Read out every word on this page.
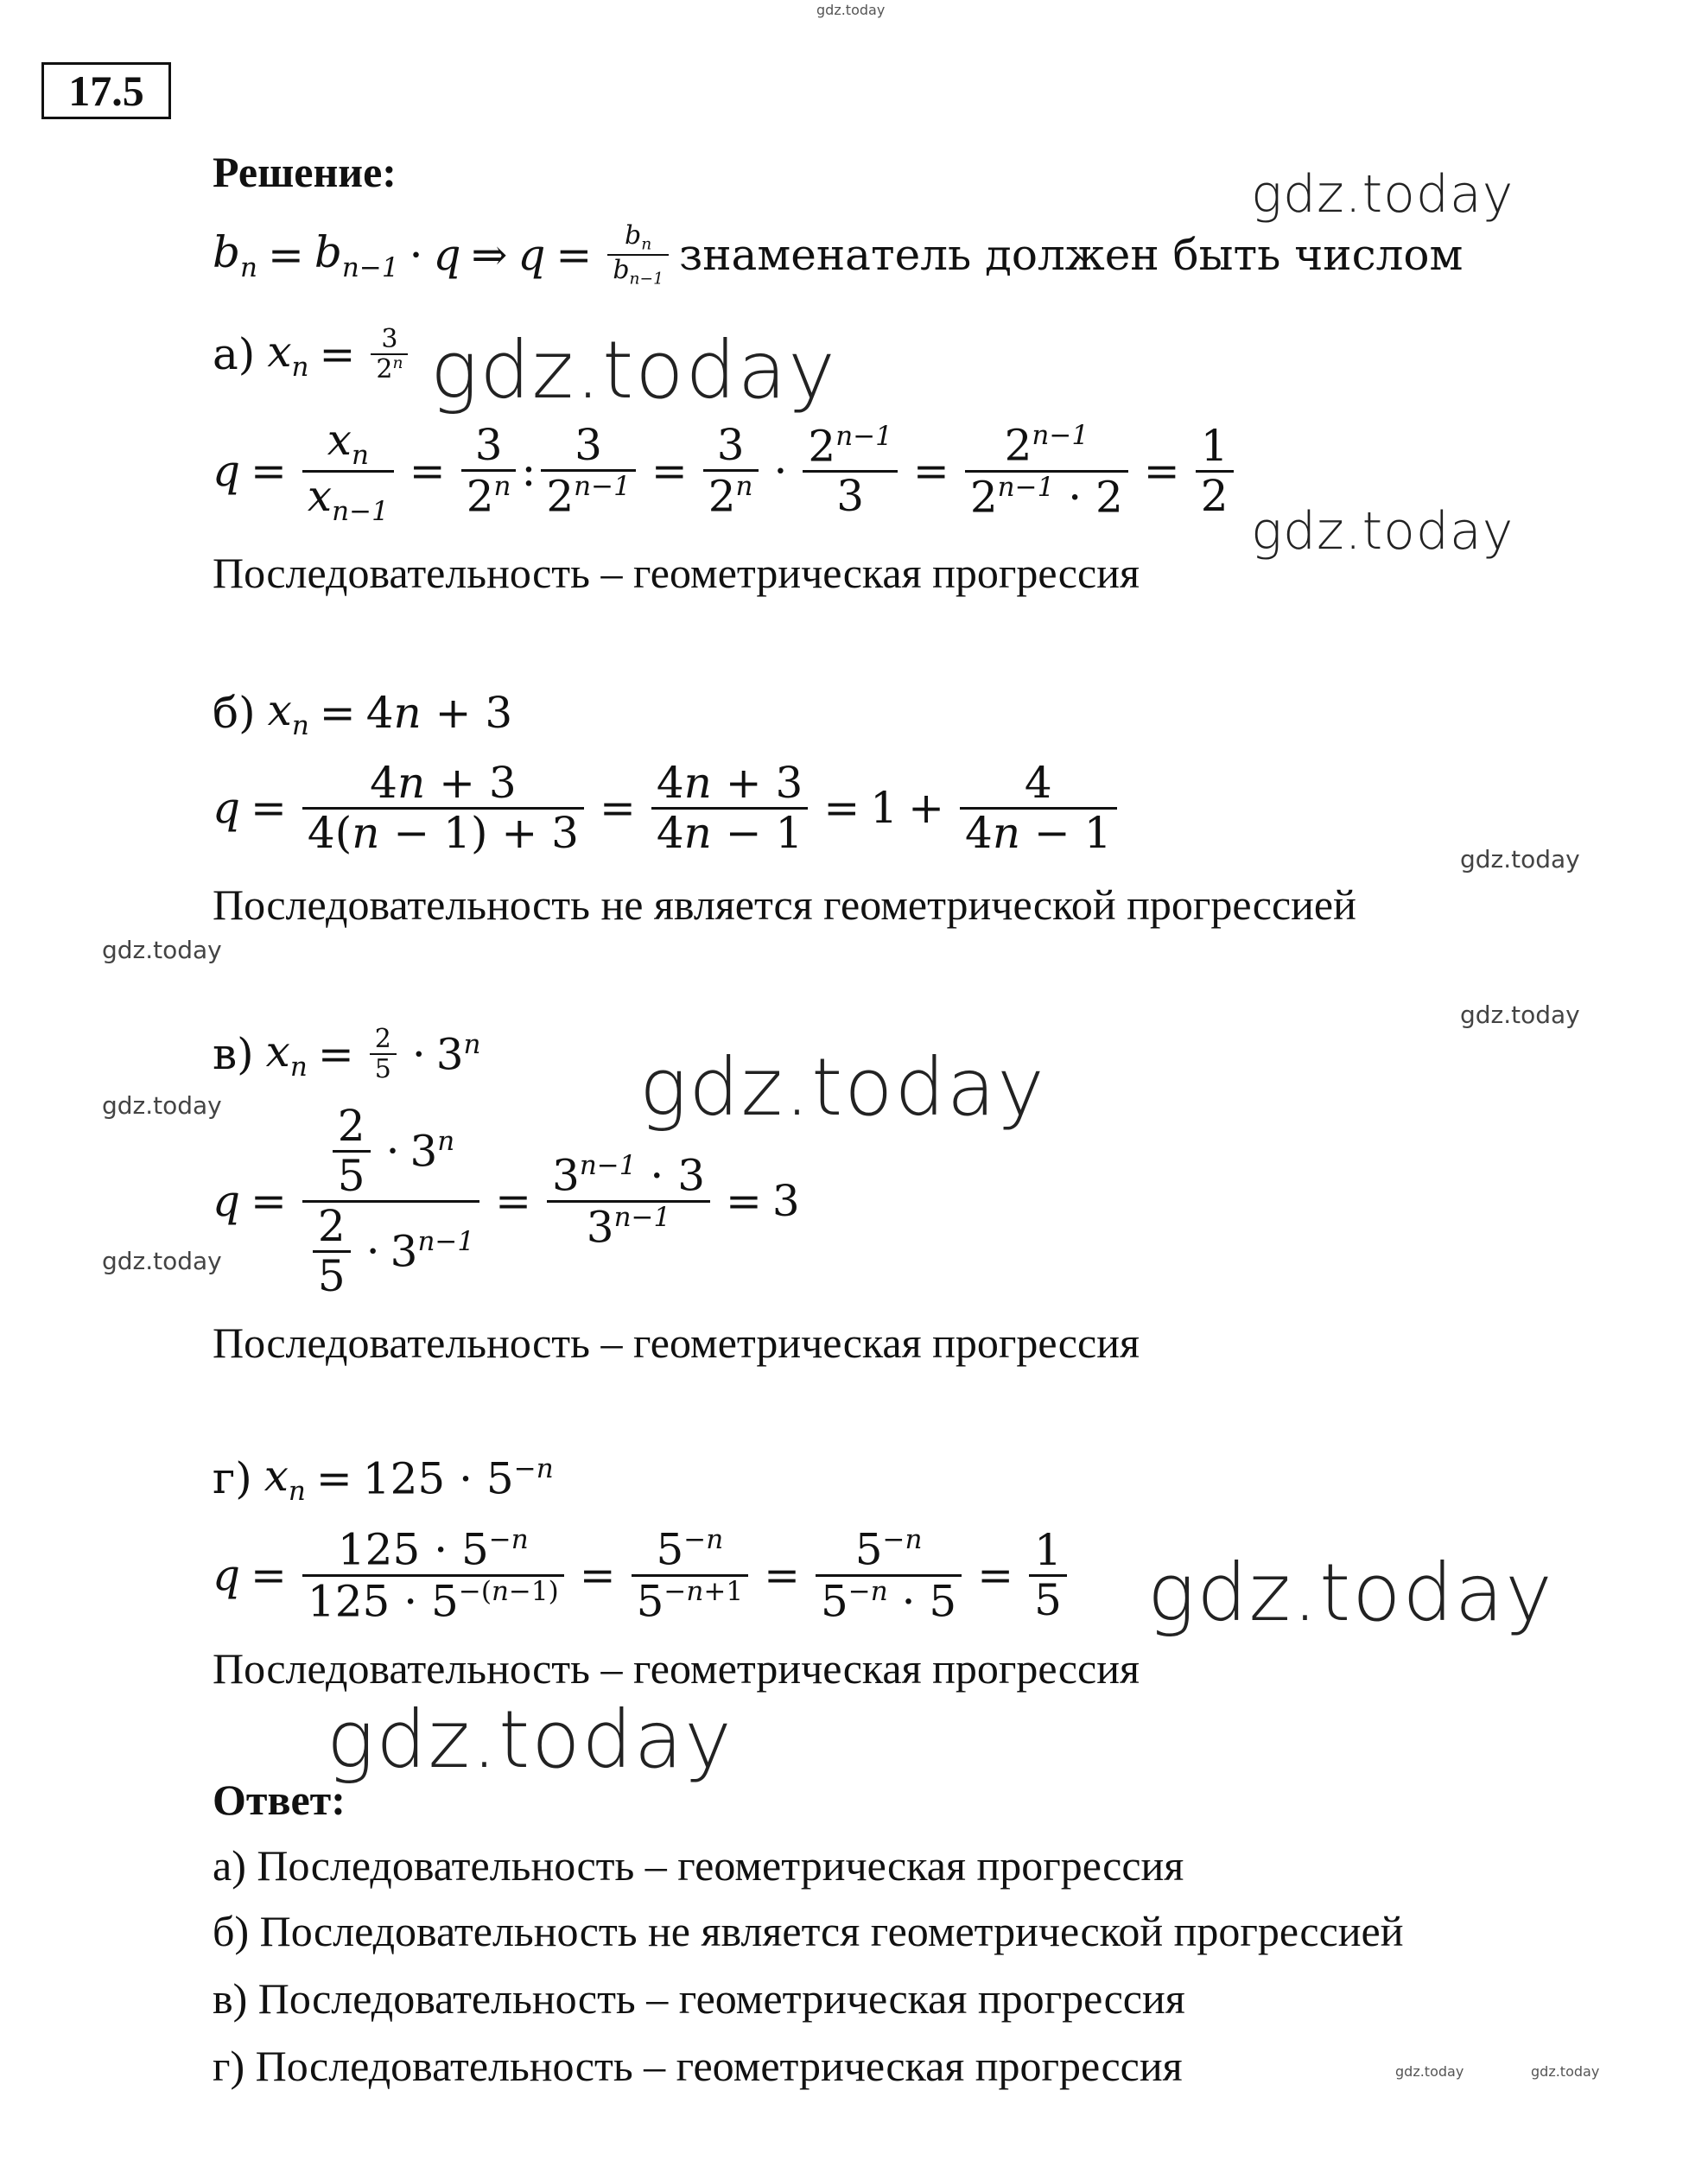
gdz.today
gdz.today
gdz.today
gdz.today
gdz.today
gdz.today
gdz.today
gdz.today
gdz.today
gdz.today
gdz.today
gdz.today
gdz.today	gdz.today
17.5
Решение:
$b_n = b_{n-1} \cdot q$ ⇒ $q = b_n$
$b_{n-1}$ знаменатель должен быть числом
а) $x_n = 3$
2$^n$
q =
$x_n$
$x_{n-1}$
=
3
2$^n$ :
3
$2^{n-1}$ =
3
$2^n \cdot 2^{n-1}$
3
=
$2^{n-1}$
$2^{n-1} \cdot 2$
=
1
2
Последовательность – геометрическая прогрессия
б) $x_n = 4n + 3$
q =
4n + 3
4(n − 1) + 3 =
4n + 3
4n − 1 = 1 +
4
4n − 1
Последовательность не является геометрической прогрессией
в) $x_n = 2$
$5 \cdot 3^n$
q =
2
$5 \cdot 3^n$
2
$5 \cdot 3^{n-1}$
=
$3^{n-1} \cdot 3$
$3^{n-1} = 3$
Последовательность – геометрическая прогрессия
г) $x_n = 125 \cdot 5^{-n}$
q =
$125 \cdot 5^{-n}$
$125 \cdot 5^{-(n-1)}$ =
$5^{-n}$
$5^{-n+1}$ =
$5^{-n}$
$5^{-n} \cdot 5$
=
1
5
Последовательность – геометрическая прогрессия
Ответ:
а) Последовательность – геометрическая прогрессия
б) Последовательность не является геометрической прогрессией
в) Последовательность – геометрическая прогрессия
г) Последовательность – геометрическая прогрессия
